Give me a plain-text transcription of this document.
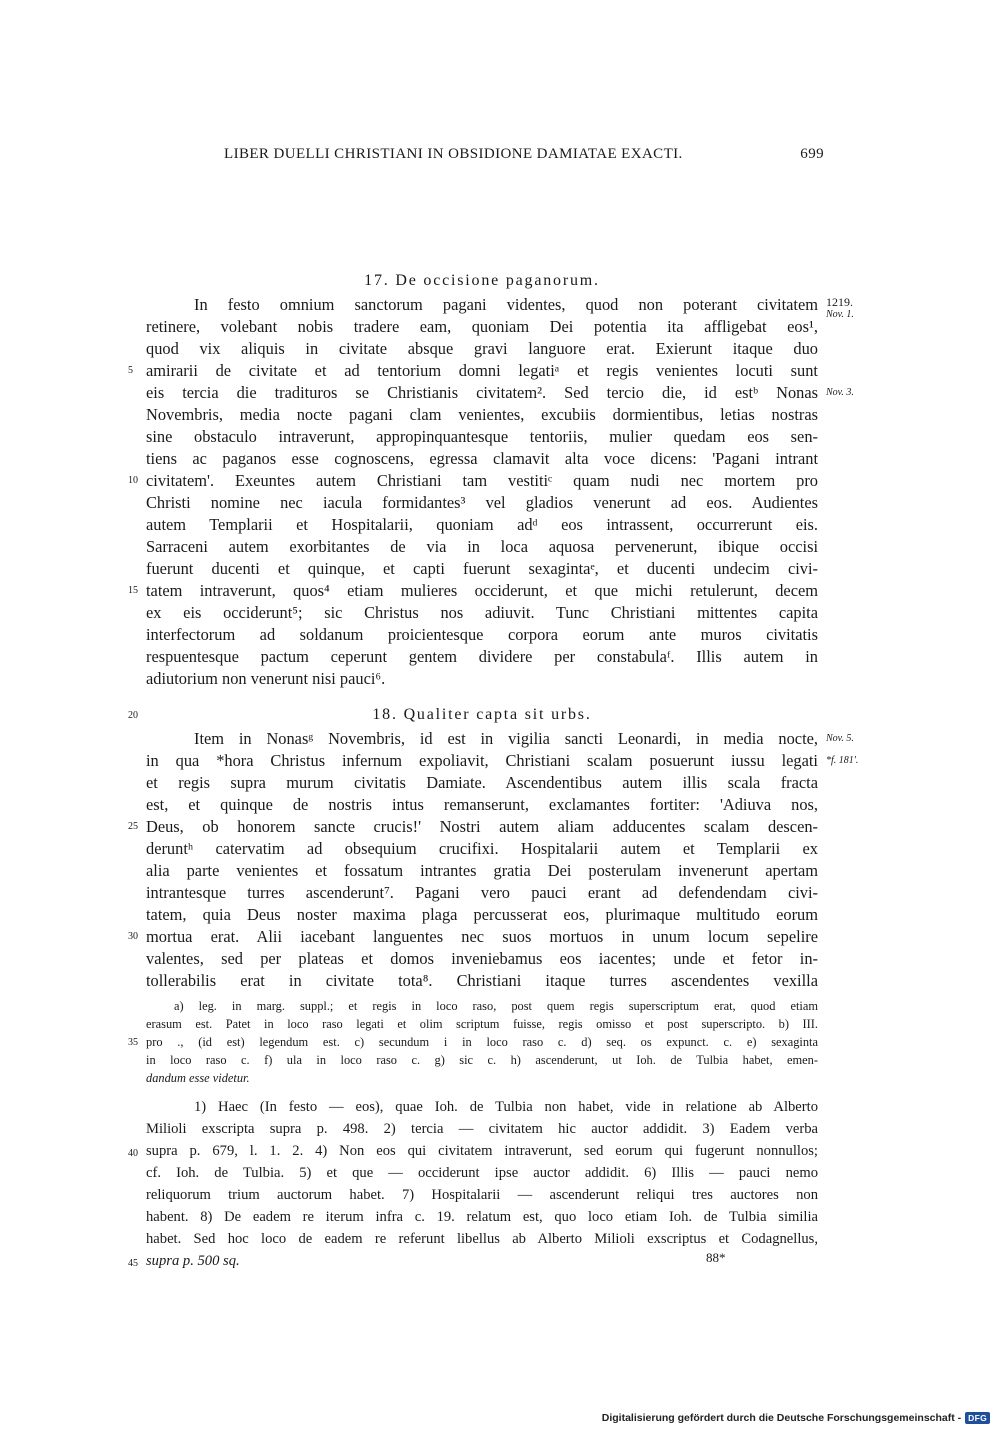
LIBER DUELLI CHRISTIANI IN OBSIDIONE DAMIATAE EXACTI.	699
17. De occisione paganorum.
In festo omnium sanctorum pagani videntes, quod non poterant civitatem
retinere, volebant nobis tradere eam, quoniam Dei potentia ita affligebat eos¹,
quod vix aliquis in civitate absque gravi languore erat. Exierunt itaque duo
amirarii de civitate et ad tentorium domni legatiᵃ et regis venientes locuti sunt
eis tercia die tradituros se Christianis civitatem². Sed tercio die, id estᵇ Nonas
Novembris, media nocte pagani clam venientes, excubiis dormientibus, letias nostras
sine obstaculo intraverunt, appropinquantesque tentoriis, mulier quedam eos sen-
tiens ac paganos esse cognoscens, egressa clamavit alta voce dicens: 'Pagani intrant
civitatem'. Exeuntes autem Christiani tam vestitiᶜ quam nudi nec mortem pro
Christi nomine nec iacula formidantes³ vel gladios venerunt ad eos. Audientes
autem Templarii et Hospitalarii, quoniam adᵈ eos intrassent, occurrerunt eis.
Sarraceni autem exorbitantes de via in loca aquosa pervenerunt, ibique occisi
fuerunt ducenti et quinque, et capti fuerunt sexagintaᵉ, et ducenti undecim civi-
tatem intraverunt, quos⁴ etiam mulieres occiderunt, et que michi retulerunt, decem
ex eis occiderunt⁵; sic Christus nos adiuvit. Tunc Christiani mittentes capita
interfectorum ad soldanum proicientesque corpora eorum ante muros civitatis
respuentesque pactum ceperunt gentem dividere per constabulaᶠ. Illis autem in
adiutorium non venerunt nisi pauci⁶.
18. Qualiter capta sit urbs.
Item in Nonasᵍ Novembris, id est in vigilia sancti Leonardi, in media nocte,
in qua *hora Christus infernum expoliavit, Christiani scalam posuerunt iussu legati
et regis supra murum civitatis Damiate. Ascendentibus autem illis scala fracta
est, et quinque de nostris intus remanserunt, exclamantes fortiter: 'Adiuva nos,
Deus, ob honorem sancte crucis!' Nostri autem aliam adducentes scalam descen-
deruntʰ catervatim ad obsequium crucifixi. Hospitalarii autem et Templarii ex
alia parte venientes et fossatum intrantes gratia Dei posterulam invenerunt apertam
intrantesque turres ascenderunt⁷. Pagani vero pauci erant ad defendendam civi-
tatem, quia Deus noster maxima plaga percusserat eos, plurimaque multitudo eorum
mortua erat. Alii iacebant languentes nec suos mortuos in unum locum sepelire
valentes, sed per plateas et domos inveniebamus eos iacentes; unde et fetor in-
tollerabilis erat in civitate tota⁸. Christiani itaque turres ascendentes vexilla
5
10
15
20
25
30
35
40
45
1219.
Nov. 1.
Nov. 3.
Nov. 5.
*f. 181'.
a) leg. in marg. suppl.; et regis in loco raso, post quem regis superscriptum erat, quod etiam
erasum est. Patet in loco raso legati et olim scriptum fuisse, regis omisso et post superscripto. b) III.
pro ., (id est) legendum est. c) secundum i in loco raso c. d) seq. os expunct. c. e) sexaginta
in loco raso c. f) ula in loco raso c. g) sic c. h) ascenderunt, ut Ioh. de Tulbia habet, emen-
dandum esse videtur.
1) Haec (In festo — eos), quae Ioh. de Tulbia non habet, vide in relatione ab Alberto
Milioli exscripta supra p. 498. 2) tercia — civitatem hic auctor addidit. 3) Eadem verba
supra p. 679, l. 1. 2. 4) Non eos qui civitatem intraverunt, sed eorum qui fugerunt nonnullos;
cf. Ioh. de Tulbia. 5) et que — occiderunt ipse auctor addidit. 6) Illis — pauci nemo
reliquorum trium auctorum habet. 7) Hospitalarii — ascenderunt reliqui tres auctores non
habent. 8) De eadem re iterum infra c. 19. relatum est, quo loco etiam Ioh. de Tulbia similia
habet. Sed hoc loco de eadem re referunt libellus ab Alberto Milioli exscriptus et Codagnellus,
supra p. 500 sq.	88*
Digitalisierung gefördert durch die Deutsche Forschungsgemeinschaft - DFG
